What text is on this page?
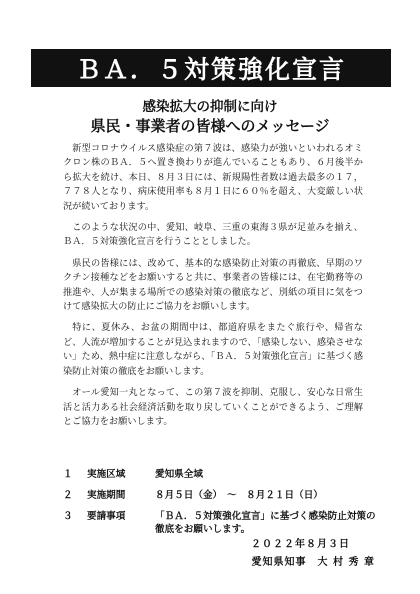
ＢＡ．５対策強化宣言
感染拡大の抑制に向け
県民・事業者の皆様へのメッセージ

新型コロナウイルス感染症の第７波は、感染力が強いといわれるオミクロン株のＢＡ．５へ置き換わりが進んでいることもあり、６月後半から拡大を続け、本日、８月３日には、新規陽性者数は過去最多の１７，７７８人となり、病床使用率も８月１日に６０％を超え、大変厳しい状況が続いております。

このような状況の中、愛知、岐阜、三重の東海３県が足並みを揃え、ＢＡ．５対策強化宣言を行うこととしました。

県民の皆様には、改めて、基本的な感染防止対策の再徹底、早期のワクチン接種などをお願いすると共に、事業者の皆様には、在宅勤務等の推進や、人が集まる場所での感染対策の徹底など、別紙の項目に気をつけて感染拡大の防止にご協力をお願いします。

特に、夏休み、お盆の期間中は、都道府県をまたぐ旅行や、帰省など、人流が増加することが見込まれますので、「感染しない、感染させない」ため、熱中症に注意しながら、「ＢＡ．５対策強化宣言」に基づく感染防止対策の徹底をお願いします。

オール愛知一丸となって、この第７波を抑制、克服し、安心な日常生活と活力ある社会経済活動を取り戻していくことができるよう、ご理解とご協力をお願いします。

１	実施区域	愛知県全域
２	実施期間	８月５日（金）　～　８月２１日（日）
３	要請事項	「ＢＡ．５対策強化宣言」に基づく感染防止対策の徹底をお願いします。
２０２２年８月３日
愛知県知事　大 村 秀 章
